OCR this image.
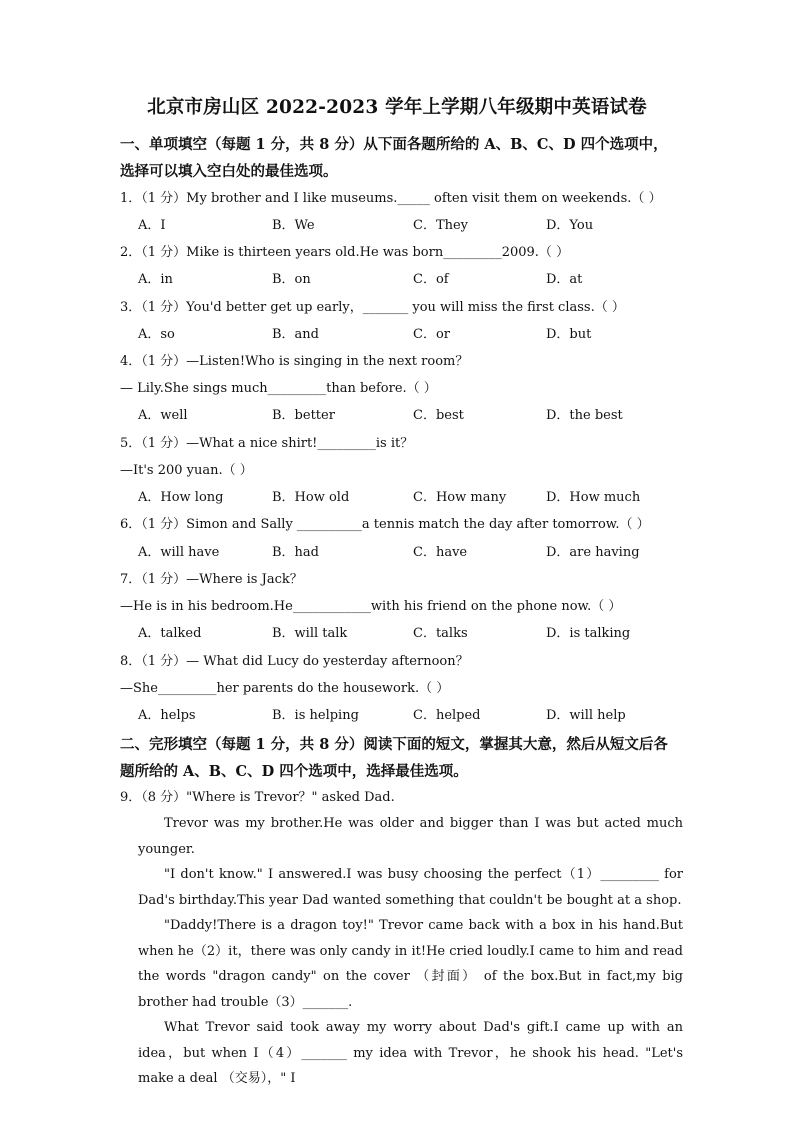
北京市房山区 2022-2023 学年上学期八年级期中英语试卷
一、单项填空（每题 1 分，共 8 分）从下面各题所给的 A、B、C、D 四个选项中，选择可以填入空白处的最佳选项。
1．（1 分）My brother and I like museums._____ often visit them on weekends.（ ）
A．I	B．We	C．They	D．You
2．（1 分）Mike is thirteen years old.He was born_________2009.（ ）
A．in	B．on	C．of	D．at
3．（1 分）You'd better get up early，_______ you will miss the first class.（ ）
A．so	B．and	C．or	D．but
4．（1 分）—Listen!Who is singing in the next room？
— Lily.She sings much_________than before.（ ）
A．well	B．better	C．best	D．the best
5．（1 分）—What a nice shirt!_________is it？
—It's 200 yuan.（ ）
A．How long	B．How old	C．How many	D．How much
6．（1 分）Simon and Sally __________a tennis match the day after tomorrow.（ ）
A．will have	B．had	C．have	D．are having
7．（1 分）—Where is Jack？
—He is in his bedroom.He____________with his friend on the phone now.（ ）
A．talked	B．will talk	C．talks	D．is talking
8．（1 分）— What did Lucy do yesterday afternoon？
—She_________her parents do the housework.（ ）
A．helps	B．is helping	C．helped	D．will help
二、完形填空（每题 1 分，共 8 分）阅读下面的短文，掌握其大意，然后从短文后各题所给的 A、B、C、D 四个选项中，选择最佳选项。
9．（8 分）"Where is Trevor？" asked Dad.
Trevor was my brother.He was older and bigger than I was but acted much younger.
"I don't know." I answered.I was busy choosing the perfect（1）_________ for Dad's birthday.This year Dad wanted something that couldn't be bought at a shop.
"Daddy!There is a dragon toy!" Trevor came back with a box in his hand.But when he（2）it，there was only candy in it!He cried loudly.I came to him and read the words "dragon candy" on the cover （封面） of the box.But in fact,my big brother had trouble（3）_______.
What Trevor said took away my worry about Dad's gift.I came up with an idea，but when I（4）_______ my idea with Trevor，he shook his head. "Let's make a deal （交易），" I
